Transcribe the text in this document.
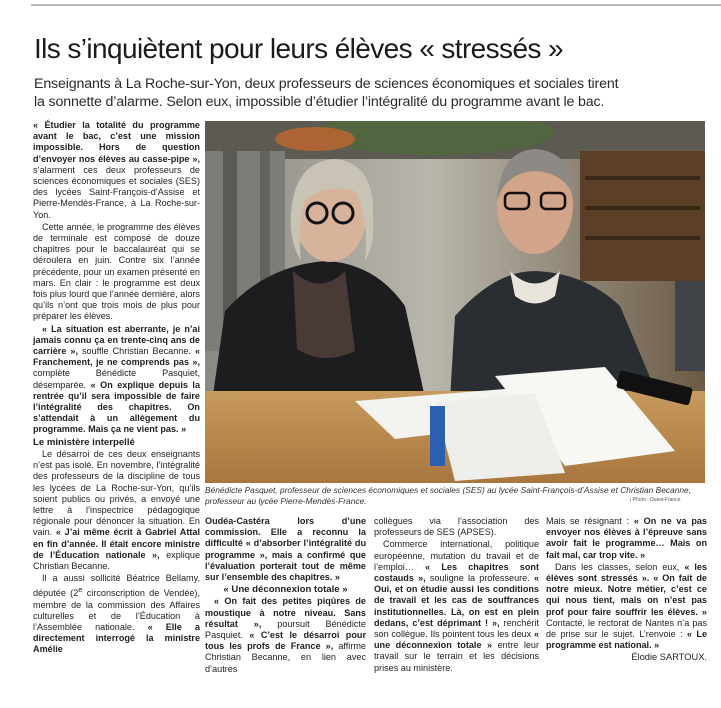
Ils s’inquiètent pour leurs élèves « stressés »

Enseignants à La Roche-sur-Yon, deux professeurs de sciences économiques et sociales tirent la sonnette d’alarme. Selon eux, impossible d’étudier l’intégralité du programme avant le bac.

« Étudier la totalité du programme avant le bac, c’est une mission impossible. Hors de question d’envoyer nos élèves au casse-pipe », s’alarment ces deux professeurs de sciences économiques et sociales (SES) des lycées Saint-François-d’Assise et Pierre-Mendès-France, à La Roche-sur-Yon.

Cette année, le programme des élèves de terminale est composé de douze chapitres pour le baccalauréat qui se déroulera en juin. Contre six l’année précédente, pour un examen présenté en mars. En clair : le programme est deux fois plus lourd que l’année dernière, alors qu’ils n’ont que trois mois de plus pour préparer les élèves.

« La situation est aberrante, je n’ai jamais connu ça en trente-cinq ans de carrière », souffle Christian Becanne. « Franchement, je ne comprends pas », complète Bénédicte Pasquiet, désemparée. « On explique depuis la rentrée qu’il sera impossible de faire l’intégralité des chapitres. On s’attendait à un allègement du programme. Mais ça ne vient pas. »

Le ministère interpellé

Le désarroi de ces deux enseignants n’est pas isolé. En novembre, l’intégralité des professeurs de la discipline de tous les lycées de La Roche-sur-Yon, qu’ils soient publics ou privés, a envoyé une lettre à l’inspectrice pédagogique régionale pour dénoncer la situation. En vain. « J’ai même écrit à Gabriel Attal en fin d’année. Il était encore ministre de l’Éducation nationale », explique Christian Becanne.

Il a aussi sollicité Béatrice Bellamy, députée (2e circonscription de Vendée), membre de la commission des Affaires culturelles et de l’Éducation à l’Assemblée nationale. « Elle a directement interrogé la ministre Amélie

Bénédicte Pasquet, professeur de sciences économiques et sociales (SES) au lycée Saint-François-d’Assise et Christian Becanne, professeur au lycée Pierre-Mendès-France.	| Photo : Ouest-France

Oudéa-Castéra lors d’une commission. Elle a reconnu la difficulté « d’absorber l’intégralité du programme », mais a confirmé que l’évaluation porterait tout de même sur l’ensemble des chapitres. »

« Une déconnexion totale »

« On fait des petites piqûres de moustique à notre niveau. Sans résultat », poursuit Bénédicte Pasquiet. « C’est le désarroi pour tous les profs de France », affirme Christian Becanne, en lien avec d’autres

collègues via l’association des professeurs de SES (APSES).

Commerce international, politique européenne, mutation du travail et de l’emploi… « Les chapitres sont costauds », souligne la professeure. « Oui, et on étudie aussi les conditions de travail et les cas de souffrances institutionnelles. Là, on est en plein dedans, c’est déprimant ! », renchérit son collègue. Ils pointent tous les deux « une déconnexion totale » entre leur travail sur le terrain et les décisions prises au ministère.

Mais se résignant : « On ne va pas envoyer nos élèves à l’épreuve sans avoir fait le programme… Mais on fait mal, car trop vite. »

Dans les classes, selon eux, « les élèves sont stressés ». « On fait de notre mieux. Notre métier, c’est ce qui nous tient, mais on n’est pas prof pour faire souffrir les élèves. » Contacté, le rectorat de Nantes n’a pas de prise sur le sujet. L’renvoie : « Le programme est national. »

Élodie SARTOUX.
